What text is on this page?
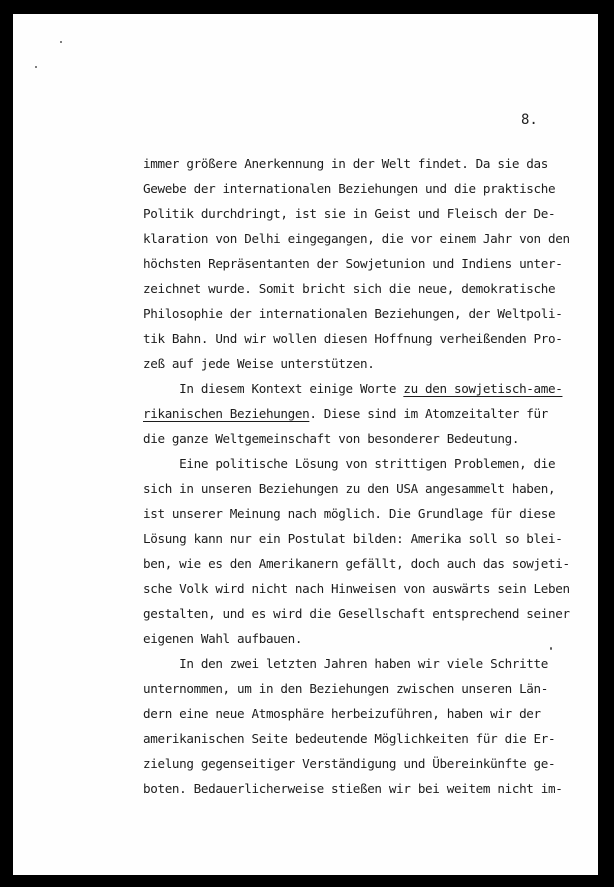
8.
immer größere Anerkennung in der Welt findet. Da sie das
Gewebe der internationalen Beziehungen und die praktische
Politik durchdringt, ist sie in Geist und Fleisch der De-
klaration von Delhi eingegangen, die vor einem Jahr von den
höchsten Repräsentanten der Sowjetunion und Indiens unter-
zeichnet wurde. Somit bricht sich die neue, demokratische
Philosophie der internationalen Beziehungen, der Weltpoli-
tik Bahn. Und wir wollen diesen Hoffnung verheißenden Pro-
zeß auf jede Weise unterstützen.
In diesem Kontext einige Worte zu den sowjetisch-ame-
rikanischen Beziehungen. Diese sind im Atomzeitalter für
die ganze Weltgemeinschaft von besonderer Bedeutung.
Eine politische Lösung von strittigen Problemen, die
sich in unseren Beziehungen zu den USA angesammelt haben,
ist unserer Meinung nach möglich. Die Grundlage für diese
Lösung kann nur ein Postulat bilden: Amerika soll so blei-
ben, wie es den Amerikanern gefällt, doch auch das sowjeti-
sche Volk wird nicht nach Hinweisen von auswärts sein Leben
gestalten, und es wird die Gesellschaft entsprechend seiner
eigenen Wahl aufbauen.
In den zwei letzten Jahren haben wir viele Schritte
unternommen, um in den Beziehungen zwischen unseren Län-
dern eine neue Atmosphäre herbeizuführen, haben wir der
amerikanischen Seite bedeutende Möglichkeiten für die Er-
zielung gegenseitiger Verständigung und Übereinkünfte ge-
boten. Bedauerlicherweise stießen wir bei weitem nicht im-
